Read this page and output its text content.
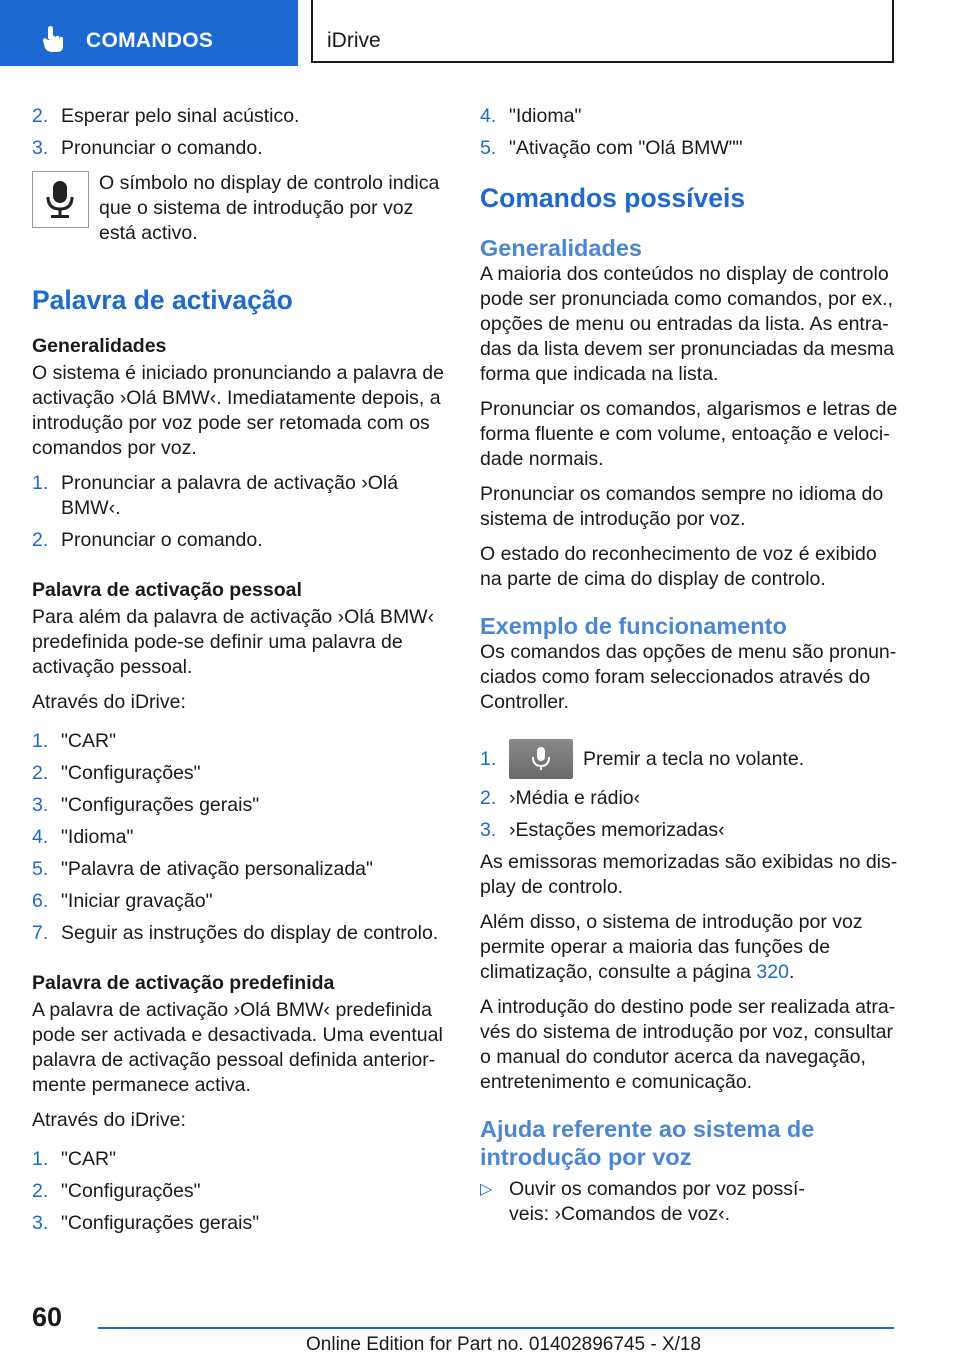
COMANDOS	iDrive
2. Esperar pelo sinal acústico.
3. Pronunciar o comando.
O símbolo no display de controlo indica que o sistema de introdução por voz está activo.
Palavra de activação
Generalidades

O sistema é iniciado pronunciando a palavra de activação ›Olá BMW‹. Imediatamente depois, a introdução por voz pode ser retomada com os comandos por voz.

1. Pronunciar a palavra de activação ›Olá BMW‹.
2. Pronunciar o comando.
Palavra de activação pessoal

Para além da palavra de activação ›Olá BMW‹ predefinida pode-se definir uma palavra de activação pessoal.

Através do iDrive:

1. "CAR"
2. "Configurações"
3. "Configurações gerais"
4. "Idioma"
5. "Palavra de ativação personalizada"
6. "Iniciar gravação"
7. Seguir as instruções do display de controlo.
Palavra de activação predefinida

A palavra de activação ›Olá BMW‹ predefinida pode ser activada e desactivada. Uma eventual palavra de activação pessoal definida anteriormente permanece activa.

Através do iDrive:

1. "CAR"
2. "Configurações"
3. "Configurações gerais"
4. "Idioma"
5. "Ativação com "Olá BMW""
Comandos possíveis
Generalidades

A maioria dos conteúdos no display de controlo pode ser pronunciada como comandos, por ex., opções de menu ou entradas da lista. As entradas da lista devem ser pronunciadas da mesma forma que indicada na lista.

Pronunciar os comandos, algarismos e letras de forma fluente e com volume, entoação e velocidade normais.

Pronunciar os comandos sempre no idioma do sistema de introdução por voz.

O estado do reconhecimento de voz é exibido na parte de cima do display de controlo.

Exemplo de funcionamento

Os comandos das opções de menu são pronunciados como foram seleccionados através do Controller.

1.	Premir a tecla no volante.
2. ›Média e rádio‹
3. ›Estações memorizadas‹

As emissoras memorizadas são exibidas no display de controlo.

Além disso, o sistema de introdução por voz permite operar a maioria das funções de climatização, consulte a página 320.

A introdução do destino pode ser realizada através do sistema de introdução por voz, consultar o manual do condutor acerca da navegação, entretenimento e comunicação.

Ajuda referente ao sistema de introdução por voz
▷ Ouvir os comandos por voz possíveis: ›Comandos de voz‹.
60
Online Edition for Part no. 01402896745 - X/18
